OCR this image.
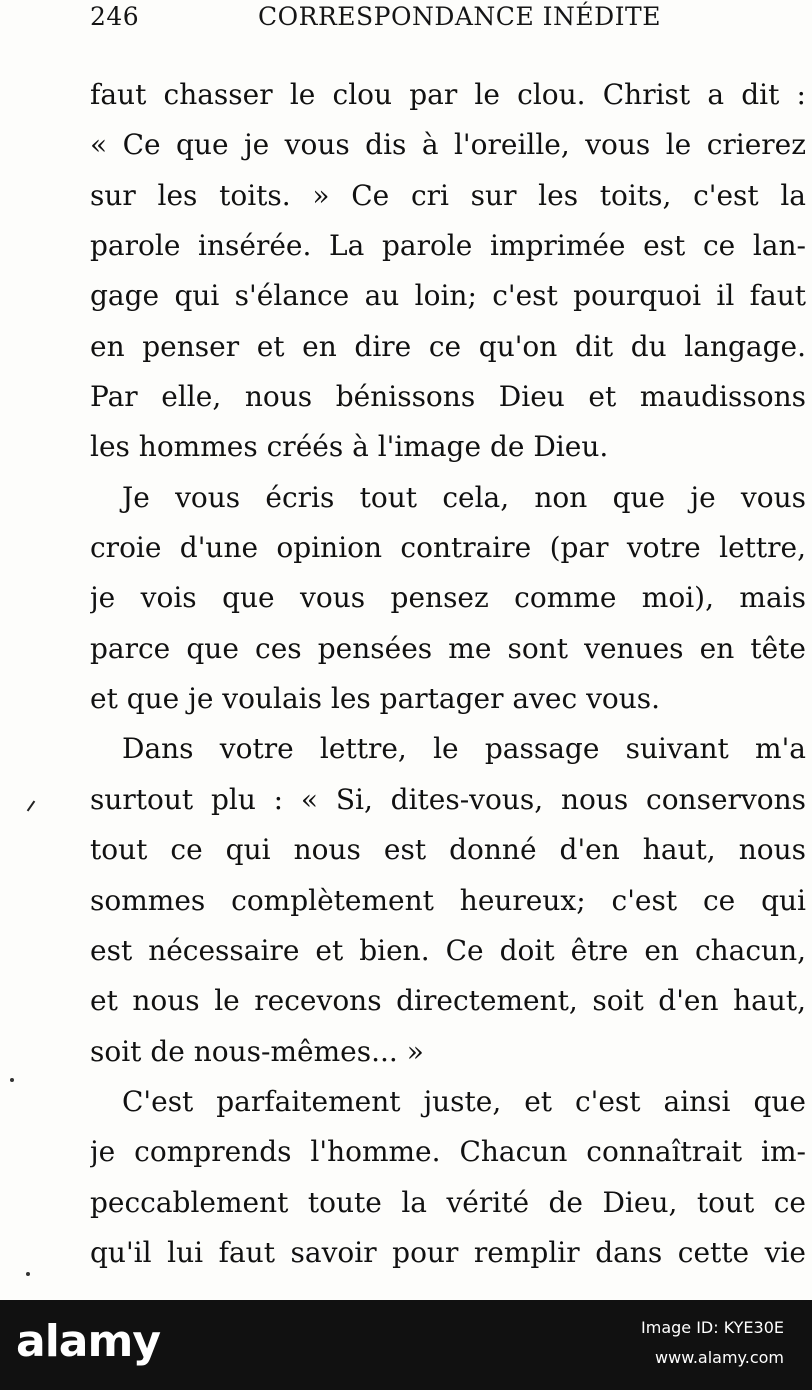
246	CORRESPONDANCE INÉDITE
faut chasser le clou par le clou. Christ a dit :
« Ce que je vous dis à l'oreille, vous le crierez
sur les toits. » Ce cri sur les toits, c'est la
parole insérée. La parole imprimée est ce lan-
gage qui s'élance au loin; c'est pourquoi il faut
en penser et en dire ce qu'on dit du langage.
Par elle, nous bénissons Dieu et maudissons
les hommes créés à l'image de Dieu.
Je vous écris tout cela, non que je vous
croie d'une opinion contraire (par votre lettre,
je vois que vous pensez comme moi), mais
parce que ces pensées me sont venues en tête
et que je voulais les partager avec vous.
Dans votre lettre, le passage suivant m'a
surtout plu : « Si, dites-vous, nous conservons
tout ce qui nous est donné d'en haut, nous
sommes complètement heureux; c'est ce qui
est nécessaire et bien. Ce doit être en chacun,
et nous le recevons directement, soit d'en haut,
soit de nous-mêmes... »
C'est parfaitement juste, et c'est ainsi que
je comprends l'homme. Chacun connaîtrait im-
peccablement toute la vérité de Dieu, tout ce
qu'il lui faut savoir pour remplir dans cette vie
alamy	Image ID: KYE30E
www.alamy.com
